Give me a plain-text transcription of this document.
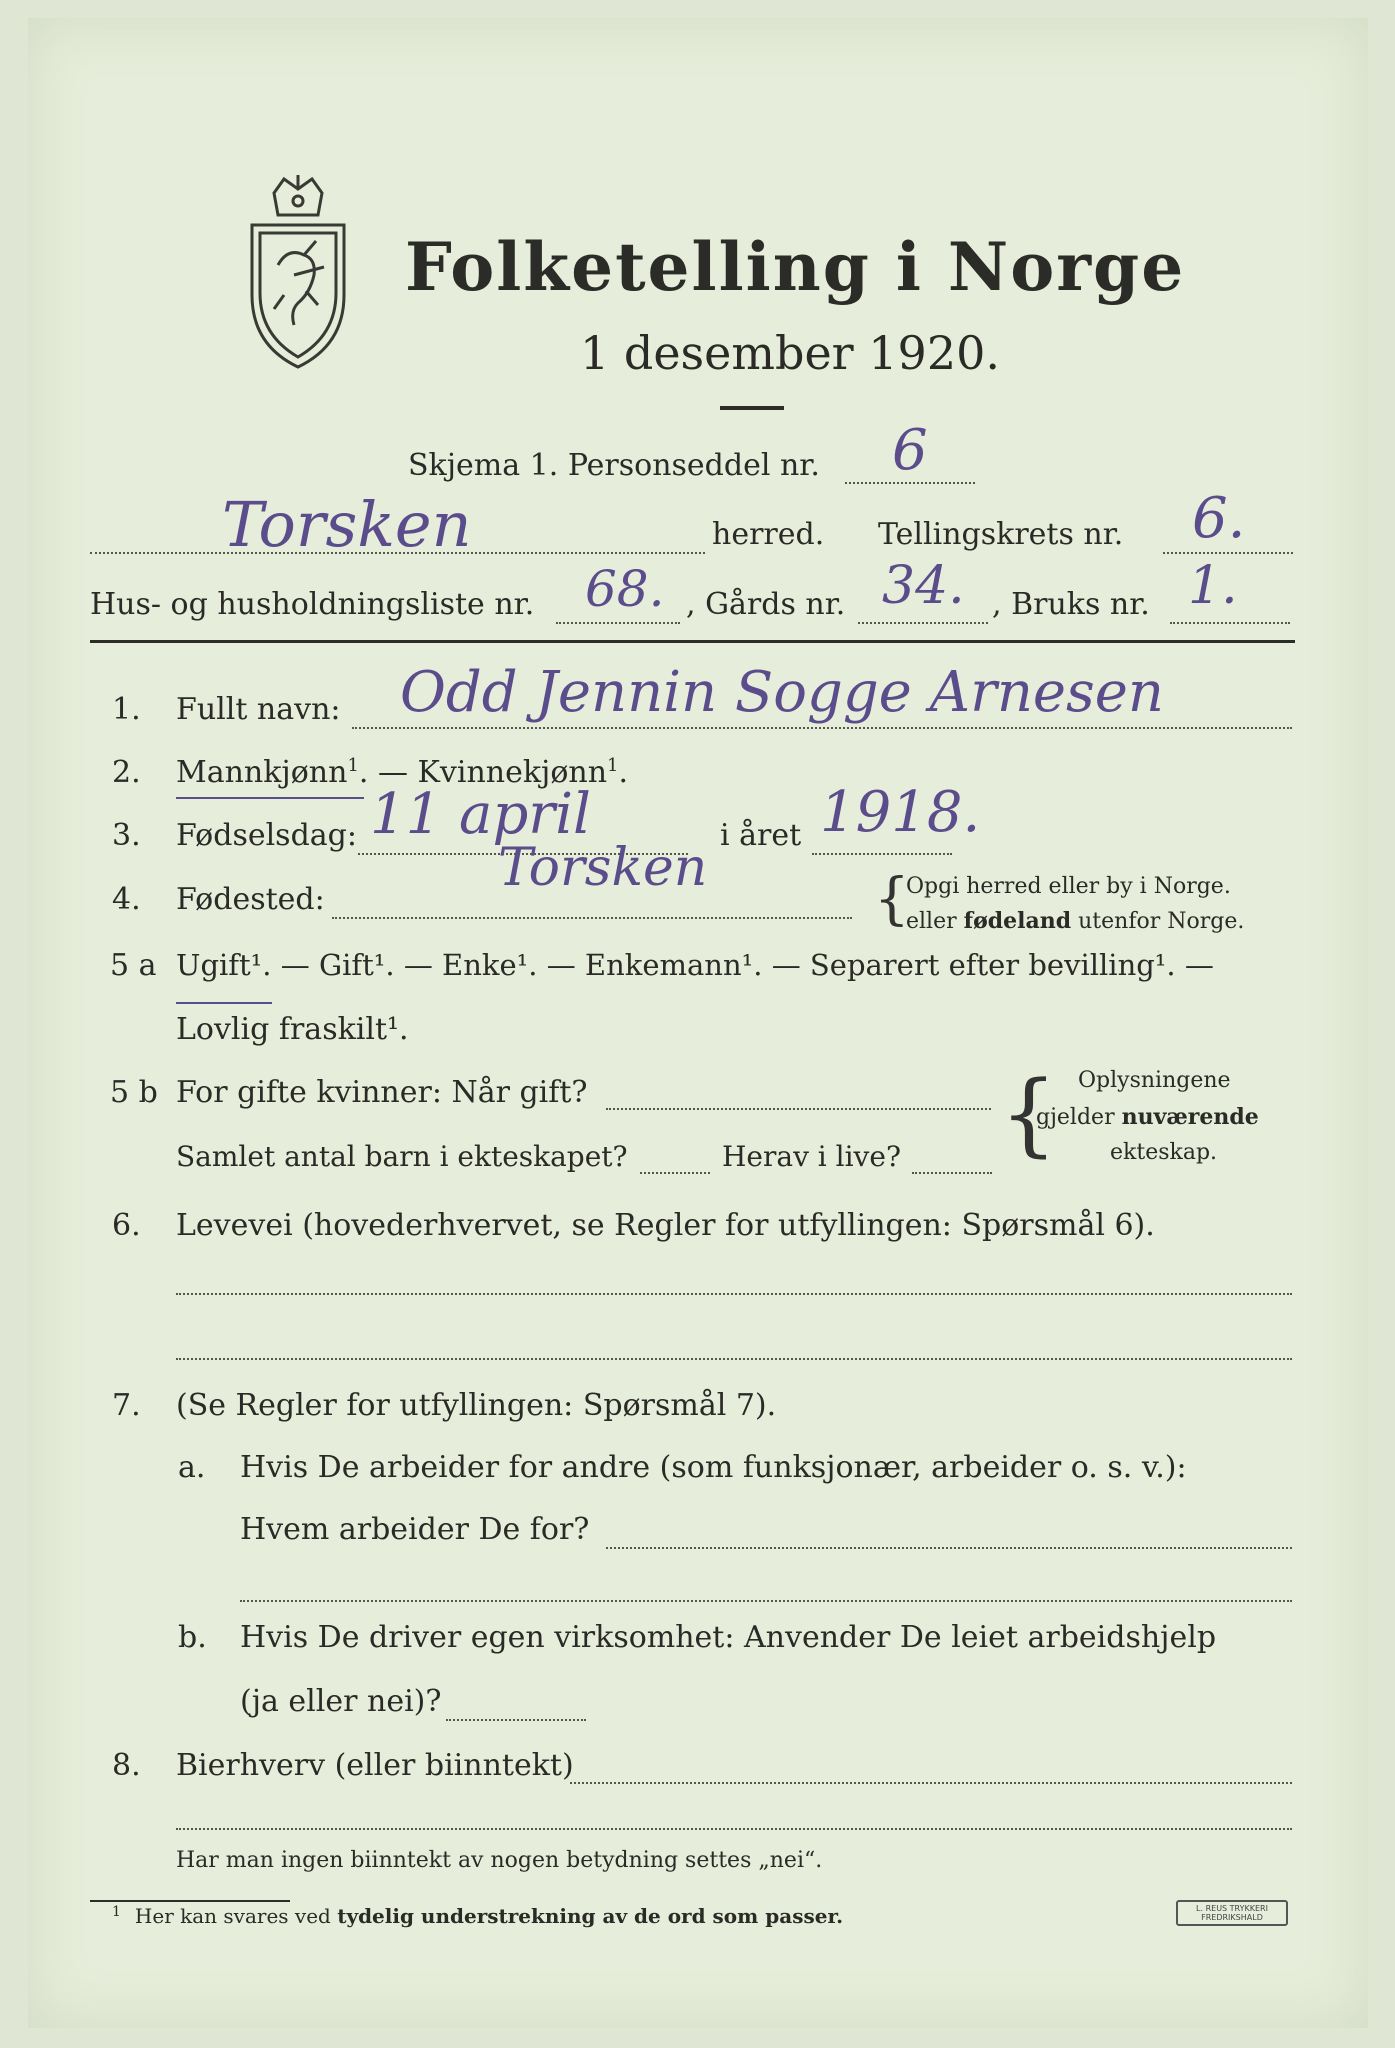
Folketelling i Norge
1 desember 1920.
Skjema 1. Personseddel nr. 6
Torsken	herred. Tellingskrets nr. 6.
Hus- og husholdningsliste nr. 68. , Gårds nr. 34. , Bruks nr. 1.
1. Fullt navn: Odd Jennin Sogge Arnesen
2. Mannkjønn$^1$. — Kvinnekjønn$^1$.
3. Fødselsdag: 11 april	i året 1918.
4. Fødested:
Torsken	{
Opgi herred eller by i Norge.
eller fødeland utenfor Norge.
5 a Ugift¹. — Gift¹. — Enke¹. — Enkemann¹. — Separert efter bevilling¹. —
Lovlig fraskilt¹.
5 b For gifte kvinner: Når gift?
Samlet antal barn i ekteskapet?	Herav i live? { Oplysningene
gjelder nuværende
ekteskap.
6. Levevei (hovederhvervet, se Regler for utfyllingen: Spørsmål 6).
7. (Se Regler for utfyllingen: Spørsmål 7).
a. Hvis De arbeider for andre (som funksjonær, arbeider o. s. v.):
Hvem arbeider De for?
b. Hvis De driver egen virksomhet: Anvender De leiet arbeidshjelp
(ja eller nei)?
8. Bierhverv (eller biinntekt)
Har man ingen biinntekt av nogen betydning settes „nei“.
$^1$ Her kan svares ved tydelig understrekning av de ord som passer.	L. REUS TRYKKERI
FREDRIKSHALD
